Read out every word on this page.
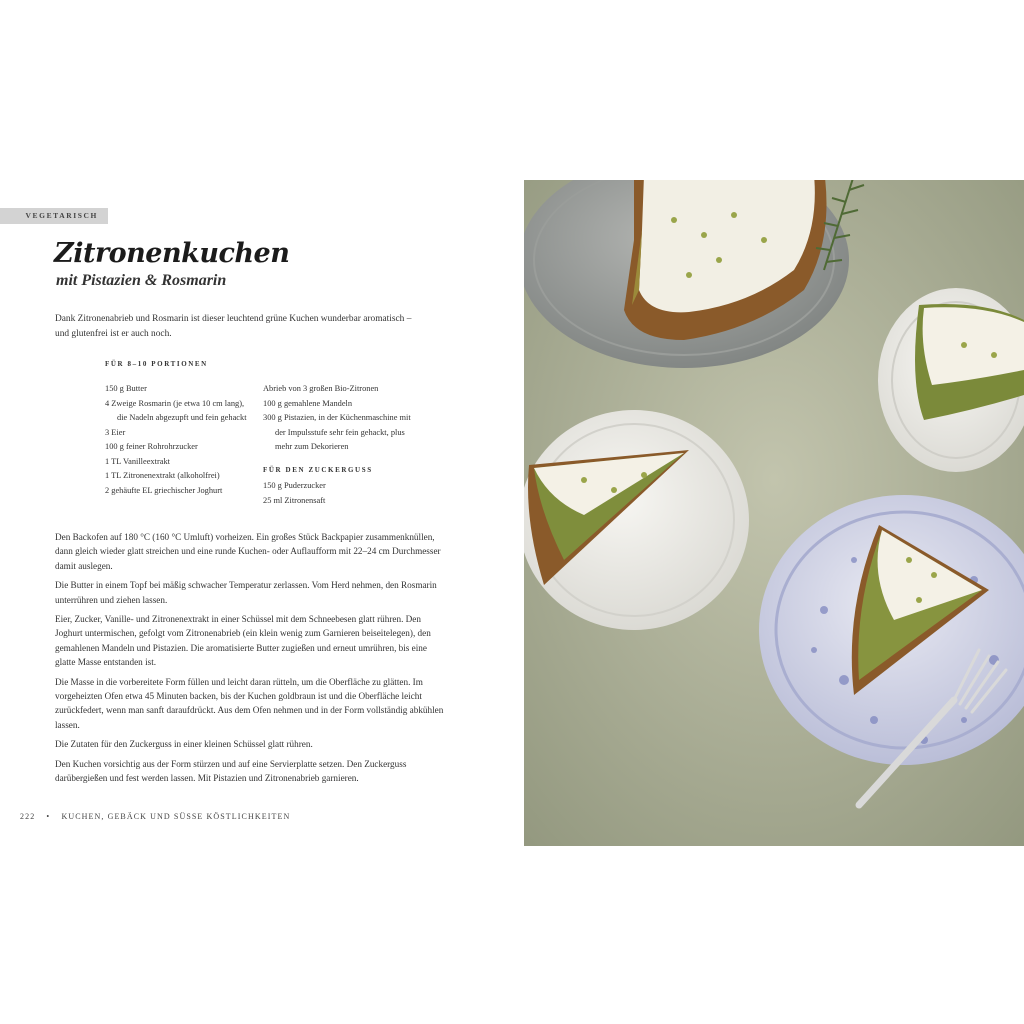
VEGETARISCH
Zitronenkuchen
mit Pistazien & Rosmarin

Dank Zitronenabrieb und Rosmarin ist dieser leuchtend grüne Kuchen wunderbar aromatisch – und glutenfrei ist er auch noch.

FÜR 8–10 PORTIONEN
150 g Butter
4 Zweige Rosmarin (je etwa 10 cm lang), die Nadeln abgezupft und fein gehackt
3 Eier
100 g feiner Rohrohrzucker
1 TL Vanilleextrakt
1 TL Zitronenextrakt (alkoholfrei)
2 gehäufte EL griechischer Joghurt
Abrieb von 3 großen Bio-Zitronen
100 g gemahlene Mandeln
300 g Pistazien, in der Küchenmaschine mit der Impulsstufe sehr fein gehackt, plus mehr zum Dekorieren
FÜR DEN ZUCKERGUSS
150 g Puderzucker
25 ml Zitronensaft

Den Backofen auf 180 °C (160 °C Umluft) vorheizen. Ein großes Stück Backpapier zusammenknüllen, dann gleich wieder glatt streichen und eine runde Kuchen- oder Auflaufform mit 22–24 cm Durchmesser damit auslegen.

Die Butter in einem Topf bei mäßig schwacher Temperatur zerlassen. Vom Herd nehmen, den Rosmarin unterrühren und ziehen lassen.

Eier, Zucker, Vanille- und Zitronenextrakt in einer Schüssel mit dem Schneebesen glatt rühren. Den Joghurt untermischen, gefolgt vom Zitronenabrieb (ein klein wenig zum Garnieren beiseitelegen), den gemahlenen Mandeln und Pistazien. Die aromatisierte Butter zugießen und erneut umrühren, bis eine glatte Masse entstanden ist.

Die Masse in die vorbereitete Form füllen und leicht daran rütteln, um die Oberfläche zu glätten. Im vorgeheizten Ofen etwa 45 Minuten backen, bis der Kuchen goldbraun ist und die Oberfläche leicht zurückfedert, wenn man sanft daraufdrückt. Aus dem Ofen nehmen und in der Form vollständig abkühlen lassen.

Die Zutaten für den Zuckerguss in einer kleinen Schüssel glatt rühren.

Den Kuchen vorsichtig aus der Form stürzen und auf eine Servierplatte setzen. Den Zuckerguss darübergießen und fest werden lassen. Mit Pistazien und Zitronenabrieb garnieren.

222 • KUCHEN, GEBÄCK UND SÜSSE KÖSTLICHKEITEN
